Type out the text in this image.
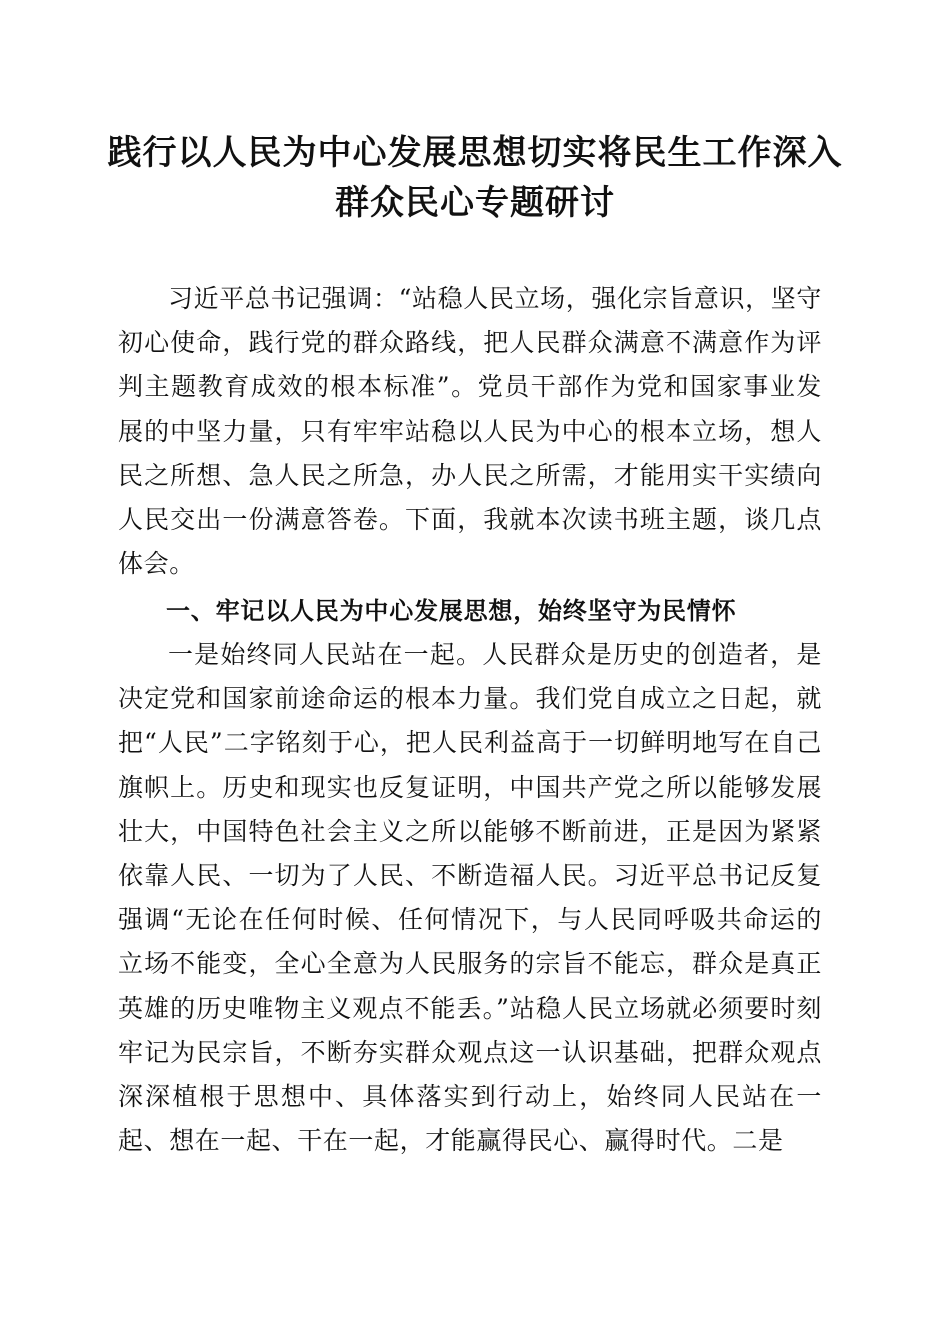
践行以人民为中心发展思想切实将民生工作深入群众民心专题研讨

习近平总书记强调：“站稳人民立场，强化宗旨意识，坚守初心使命，践行党的群众路线，把人民群众满意不满意作为评判主题教育成效的根本标准”。党员干部作为党和国家事业发展的中坚力量，只有牢牢站稳以人民为中心的根本立场，想人民之所想、急人民之所急，办人民之所需，才能用实干实绩向人民交出一份满意答卷。下面，我就本次读书班主题，谈几点体会。

一、牢记以人民为中心发展思想，始终坚守为民情怀

一是始终同人民站在一起。人民群众是历史的创造者，是决定党和国家前途命运的根本力量。我们党自成立之日起，就把“人民”二字铭刻于心，把人民利益高于一切鲜明地写在自己旗帜上。历史和现实也反复证明，中国共产党之所以能够发展壮大，中国特色社会主义之所以能够不断前进，正是因为紧紧依靠人民、一切为了人民、不断造福人民。习近平总书记反复强调“无论在任何时候、任何情况下，与人民同呼吸共命运的立场不能变，全心全意为人民服务的宗旨不能忘，群众是真正英雄的历史唯物主义观点不能丢。”站稳人民立场就必须要时刻牢记为民宗旨，不断夯实群众观点这一认识基础，把群众观点深深植根于思想中、具体落实到行动上，始终同人民站在一起、想在一起、干在一起，才能赢得民心、赢得时代。二是
